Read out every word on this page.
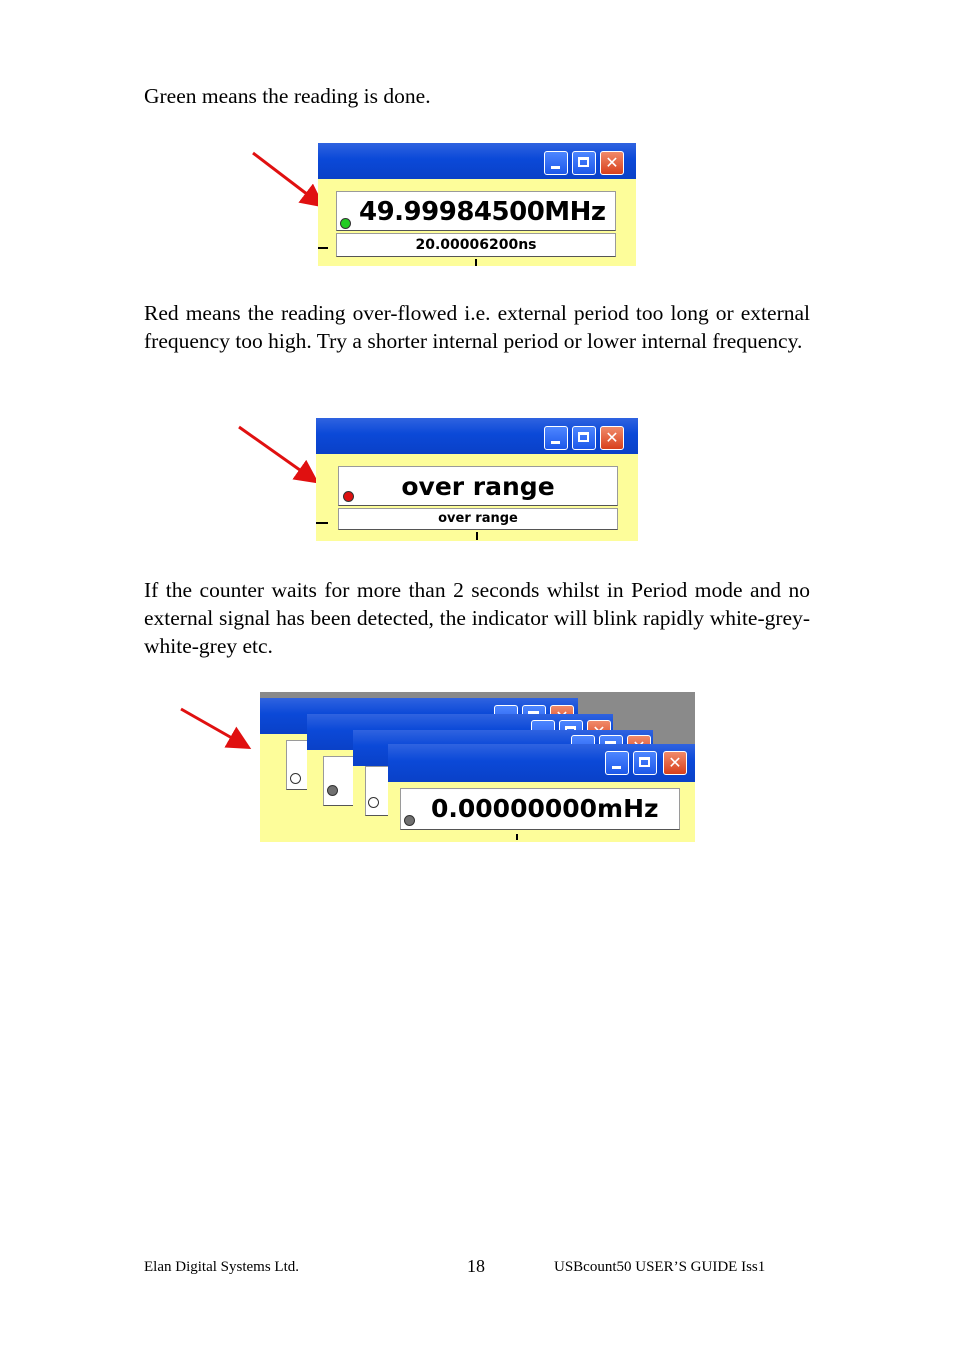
Green means the reading is done.

✕
49.99984500MHz
20.00006200ns

Red means the reading over-flowed i.e. external period too long or external frequency too high. Try a shorter internal period or lower internal frequency.

✕
over range
over range

If the counter waits for more than 2 seconds whilst in Period mode and no external signal has been detected, the indicator will blink rapidly white-grey-white-grey etc.

✕
0.00000000mHz
Elan Digital Systems Ltd.	18	USBcount50 USER’S GUIDE Iss1
